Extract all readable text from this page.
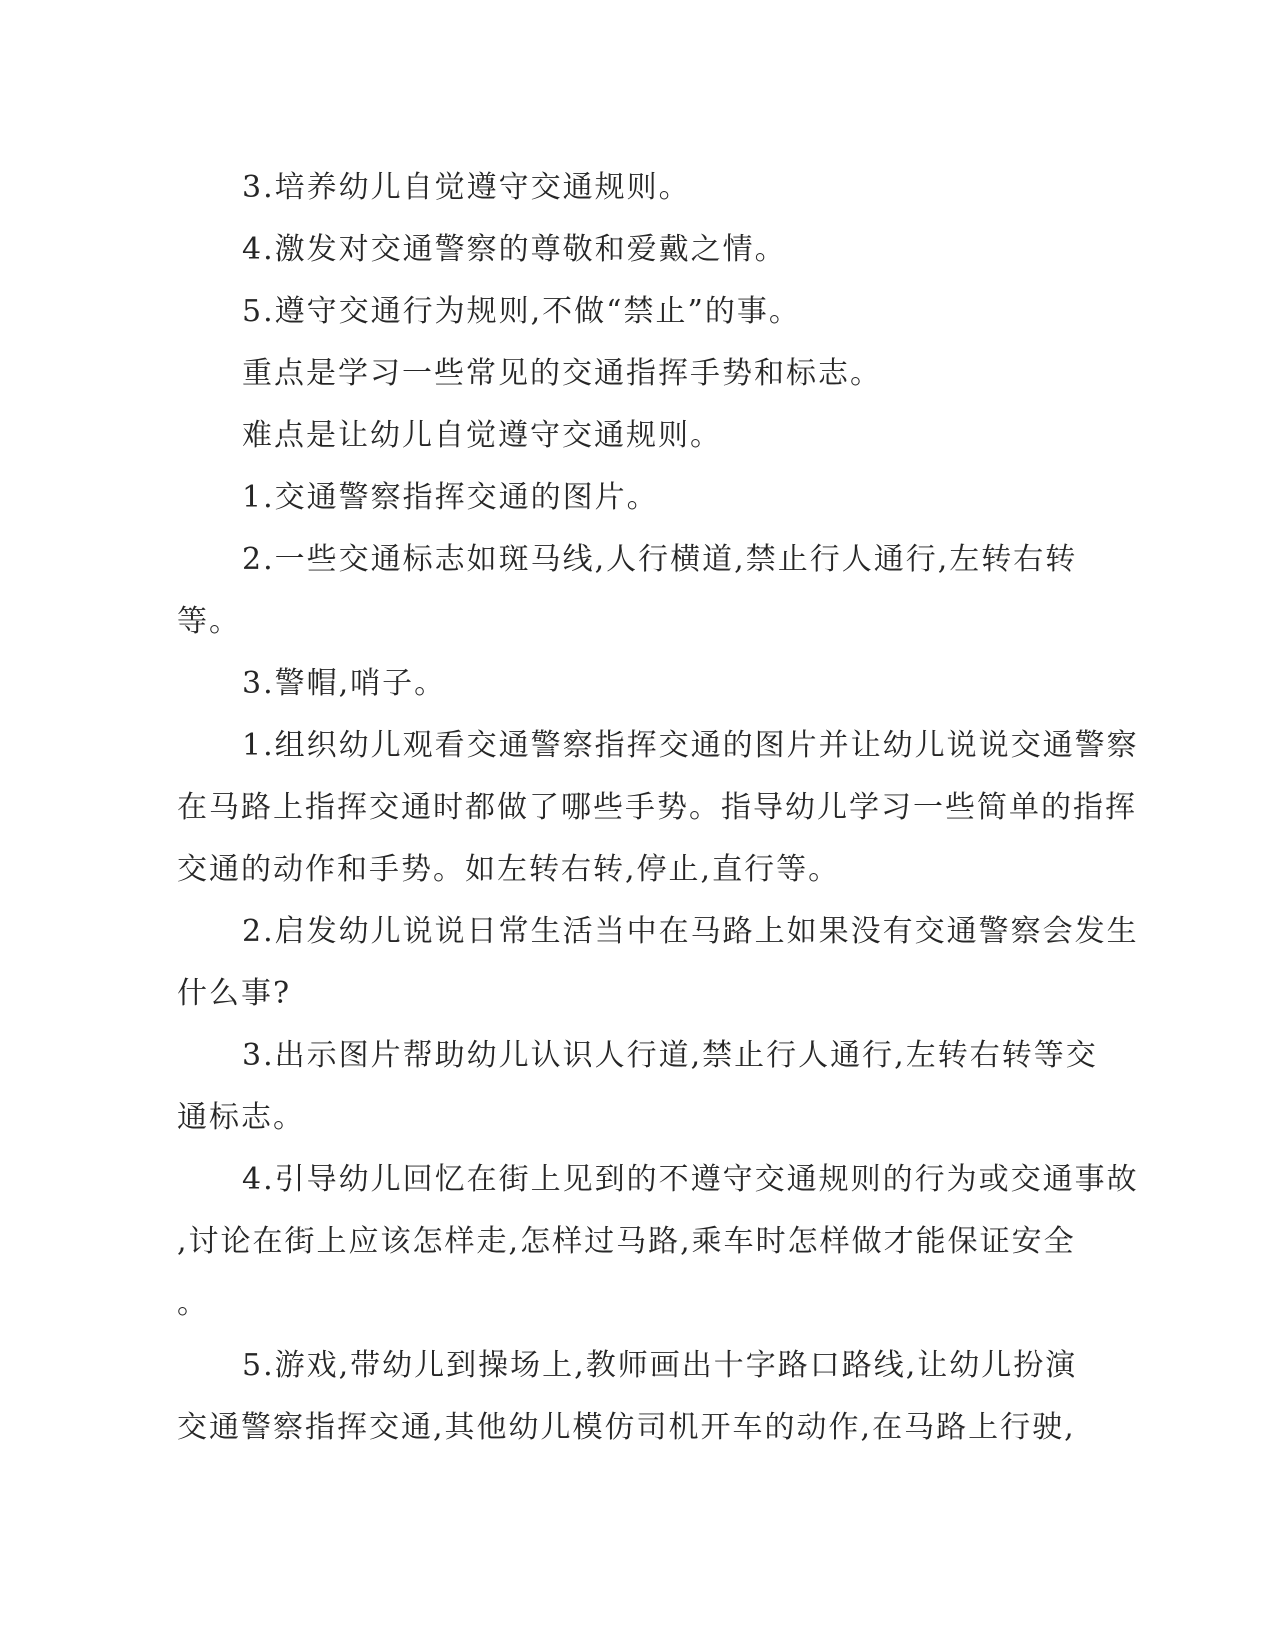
3.培养幼儿自觉遵守交通规则。
4.激发对交通警察的尊敬和爱戴之情。
5.遵守交通行为规则,不做“禁止”的事。
重点是学习一些常见的交通指挥手势和标志。
难点是让幼儿自觉遵守交通规则。
1.交通警察指挥交通的图片。
2.一些交通标志如斑马线,人行横道,禁止行人通行,左转右转
等。
3.警帽,哨子。
1.组织幼儿观看交通警察指挥交通的图片并让幼儿说说交通警察
在马路上指挥交通时都做了哪些手势。指导幼儿学习一些简单的指挥
交通的动作和手势。如左转右转,停止,直行等。
2.启发幼儿说说日常生活当中在马路上如果没有交通警察会发生
什么事?
3.出示图片帮助幼儿认识人行道,禁止行人通行,左转右转等交
通标志。
4.引导幼儿回忆在街上见到的不遵守交通规则的行为或交通事故
,讨论在街上应该怎样走,怎样过马路,乘车时怎样做才能保证安全
。
5.游戏,带幼儿到操场上,教师画出十字路口路线,让幼儿扮演
交通警察指挥交通,其他幼儿模仿司机开车的动作,在马路上行驶,
